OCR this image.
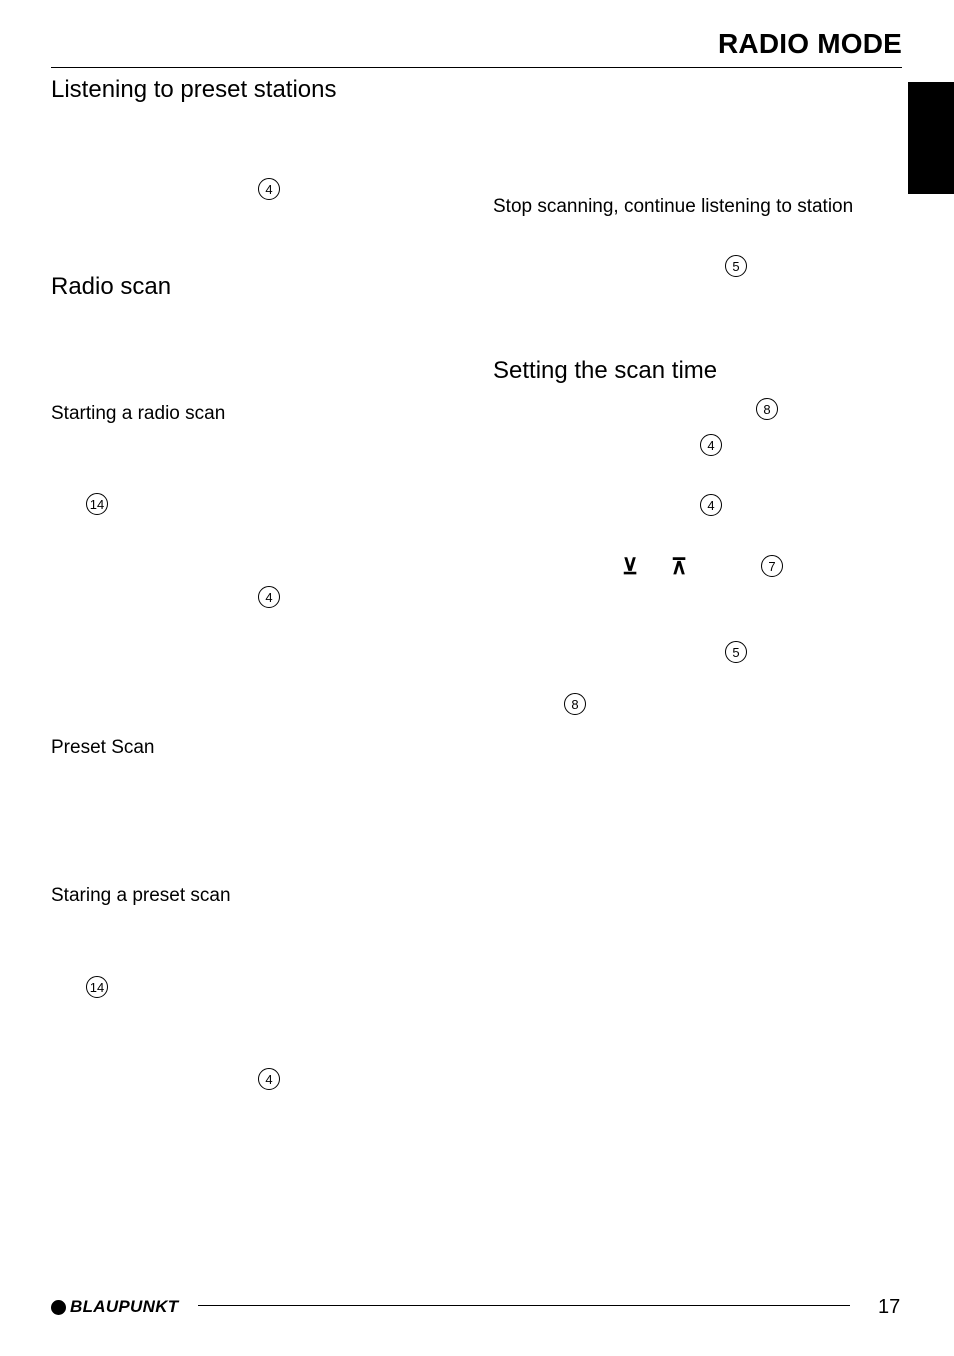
RADIO MODE
Listening to preset stations
4
Radio scan
Starting a radio scan
14
4
Preset Scan
Staring a preset scan
14
4
Stop scanning, continue listening to station
5
Setting the scan time
8
4
4
⊻ ⊼	7
5
8
BLAUPUNKT	17
